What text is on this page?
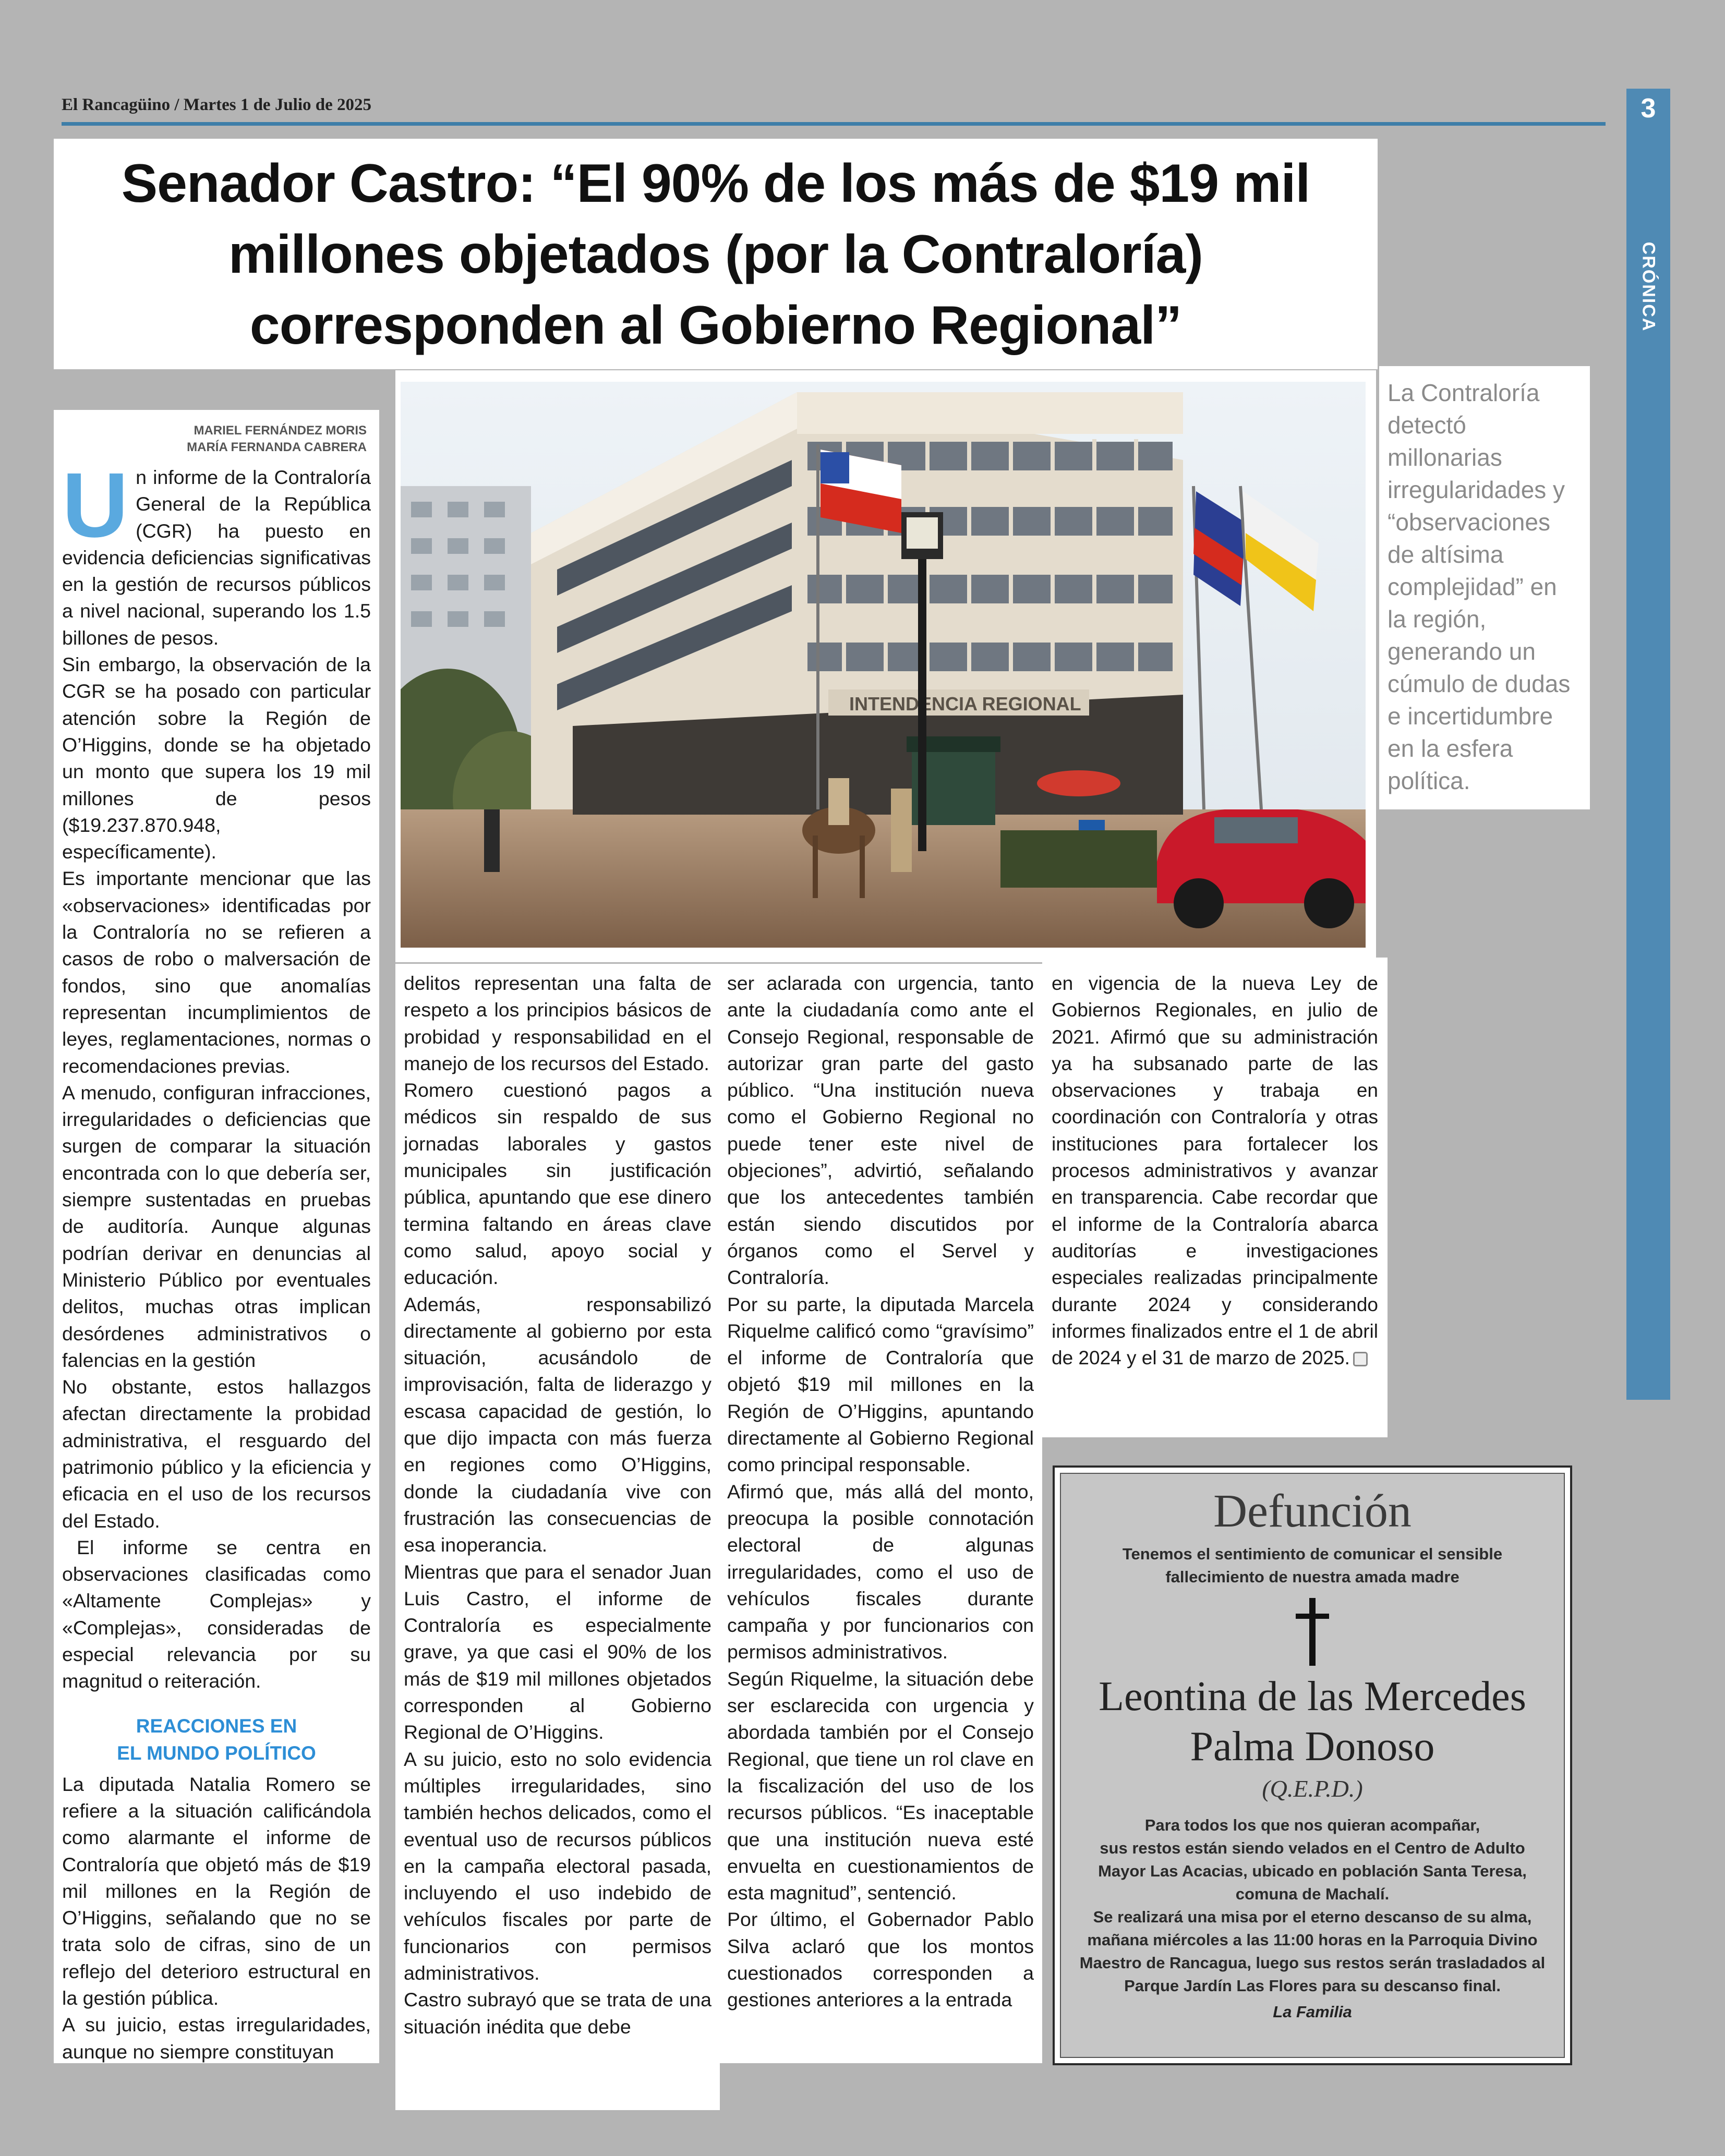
El Rancagüino / Martes 1 de Julio de 2025	3
CRÓNICA
Senador Castro: “El 90% de los más de $19 mil millones objetados (por la Contraloría) corresponden al Gobierno Regional”
MARIEL FERNÁNDEZ MORIS
MARÍA FERNANDA CABRERA

Un informe de la Contraloría General de la República (CGR) ha puesto en evidencia deficiencias significativas en la gestión de recursos públicos a nivel nacional, superando los 1.5 billones de pesos.

Sin embargo, la observación de la CGR se ha posado con particular atención sobre la Región de O’Higgins, donde se ha objetado un monto que supera los 19 mil millones de pesos ($19.237.870.948, específicamente).

Es importante mencionar que las «observaciones» identificadas por la Contraloría no se refieren a casos de robo o malversación de fondos, sino que anomalías representan incumplimientos de leyes, reglamentaciones, normas o recomendaciones previas.

A menudo, configuran infracciones, irregularidades o deficiencias que surgen de comparar la situación encontrada con lo que debería ser, siempre sustentadas en pruebas de auditoría. Aunque algunas podrían derivar en denuncias al Ministerio Público por eventuales delitos, muchas otras implican desórdenes administrativos o falencias en la gestión

No obstante, estos hallazgos afectan directamente la probidad administrativa, el resguardo del patrimonio público y la eficiencia y eficacia en el uso de los recursos del Estado.

El informe se centra en observaciones clasificadas como «Altamente Complejas» y «Complejas», consideradas de especial relevancia por su magnitud o reiteración.

REACCIONES EN
EL MUNDO POLÍTICO

La diputada Natalia Romero se refiere a la situación calificándola como alarmante el informe de Contraloría que objetó más de $19 mil millones en la Región de O’Higgins, señalando que no se trata solo de cifras, sino de un reflejo del deterioro estructural en la gestión pública.

A su juicio, estas irregularidades, aunque no siempre constituyan

INTENDENCIA REGIONAL

La Contraloría detectó millonarias irregularidades y “observaciones de altísima complejidad” en la región, generando un cúmulo de dudas e incertidumbre en la esfera política.

delitos representan una falta de respeto a los principios básicos de probidad y responsabilidad en el manejo de los recursos del Estado.

Romero cuestionó pagos a médicos sin respaldo de sus jornadas laborales y gastos municipales sin justificación pública, apuntando que ese dinero termina faltando en áreas clave como salud, apoyo social y educación.

Además, responsabilizó directamente al gobierno por esta situación, acusándolo de improvisación, falta de liderazgo y escasa capacidad de gestión, lo que dijo impacta con más fuerza en regiones como O’Higgins, donde la ciudadanía vive con frustración las consecuencias de esa inoperancia.

Mientras que para el senador Juan Luis Castro, el informe de Contraloría es especialmente grave, ya que casi el 90% de los más de $19 mil millones objetados corresponden al Gobierno Regional de O’Higgins.

A su juicio, esto no solo evidencia múltiples irregularidades, sino también hechos delicados, como el eventual uso de recursos públicos en la campaña electoral pasada, incluyendo el uso indebido de vehículos fiscales por parte de funcionarios con permisos administrativos.

Castro subrayó que se trata de una situación inédita que debe

ser aclarada con urgencia, tanto ante la ciudadanía como ante el Consejo Regional, responsable de autorizar gran parte del gasto público. “Una institución nueva como el Gobierno Regional no puede tener este nivel de objeciones”, advirtió, señalando que los antecedentes también están siendo discutidos por órganos como el Servel y Contraloría.

Por su parte, la diputada Marcela Riquelme calificó como “gravísimo” el informe de Contraloría que objetó $19 mil millones en la Región de O’Higgins, apuntando directamente al Gobierno Regional como principal responsable.

Afirmó que, más allá del monto, preocupa la posible connotación electoral de algunas irregularidades, como el uso de vehículos fiscales durante campaña y por funcionarios con permisos administrativos.

Según Riquelme, la situación debe ser esclarecida con urgencia y abordada también por el Consejo Regional, que tiene un rol clave en la fiscalización del uso de los recursos públicos. “Es inaceptable que una institución nueva esté envuelta en cuestionamientos de esta magnitud”, sentenció.

Por último, el Gobernador Pablo Silva aclaró que los montos cuestionados corresponden a gestiones anteriores a la entrada

en vigencia de la nueva Ley de Gobiernos Regionales, en julio de 2021. Afirmó que su administración ya ha subsanado parte de las observaciones y trabaja en coordinación con Contraloría y otras instituciones para fortalecer los procesos administrativos y avanzar en transparencia. Cabe recordar que el informe de la Contraloría abarca auditorías e investigaciones especiales realizadas principalmente durante 2024 y considerando informes finalizados entre el 1 de abril de 2024 y el 31 de marzo de 2025.

Defunción
Tenemos el sentimiento de comunicar el sensible
fallecimiento de nuestra amada madre
Leontina de las Mercedes
Palma Donoso
(Q.E.P.D.)
Para todos los que nos quieran acompañar,
sus restos están siendo velados en el Centro de Adulto
Mayor Las Acacias, ubicado en población Santa Teresa,
comuna de Machalí.
Se realizará una misa por el eterno descanso de su alma,
mañana miércoles a las 11:00 horas en la Parroquia Divino
Maestro de Rancagua, luego sus restos serán trasladados al
Parque Jardín Las Flores para su descanso final.
La Familia
